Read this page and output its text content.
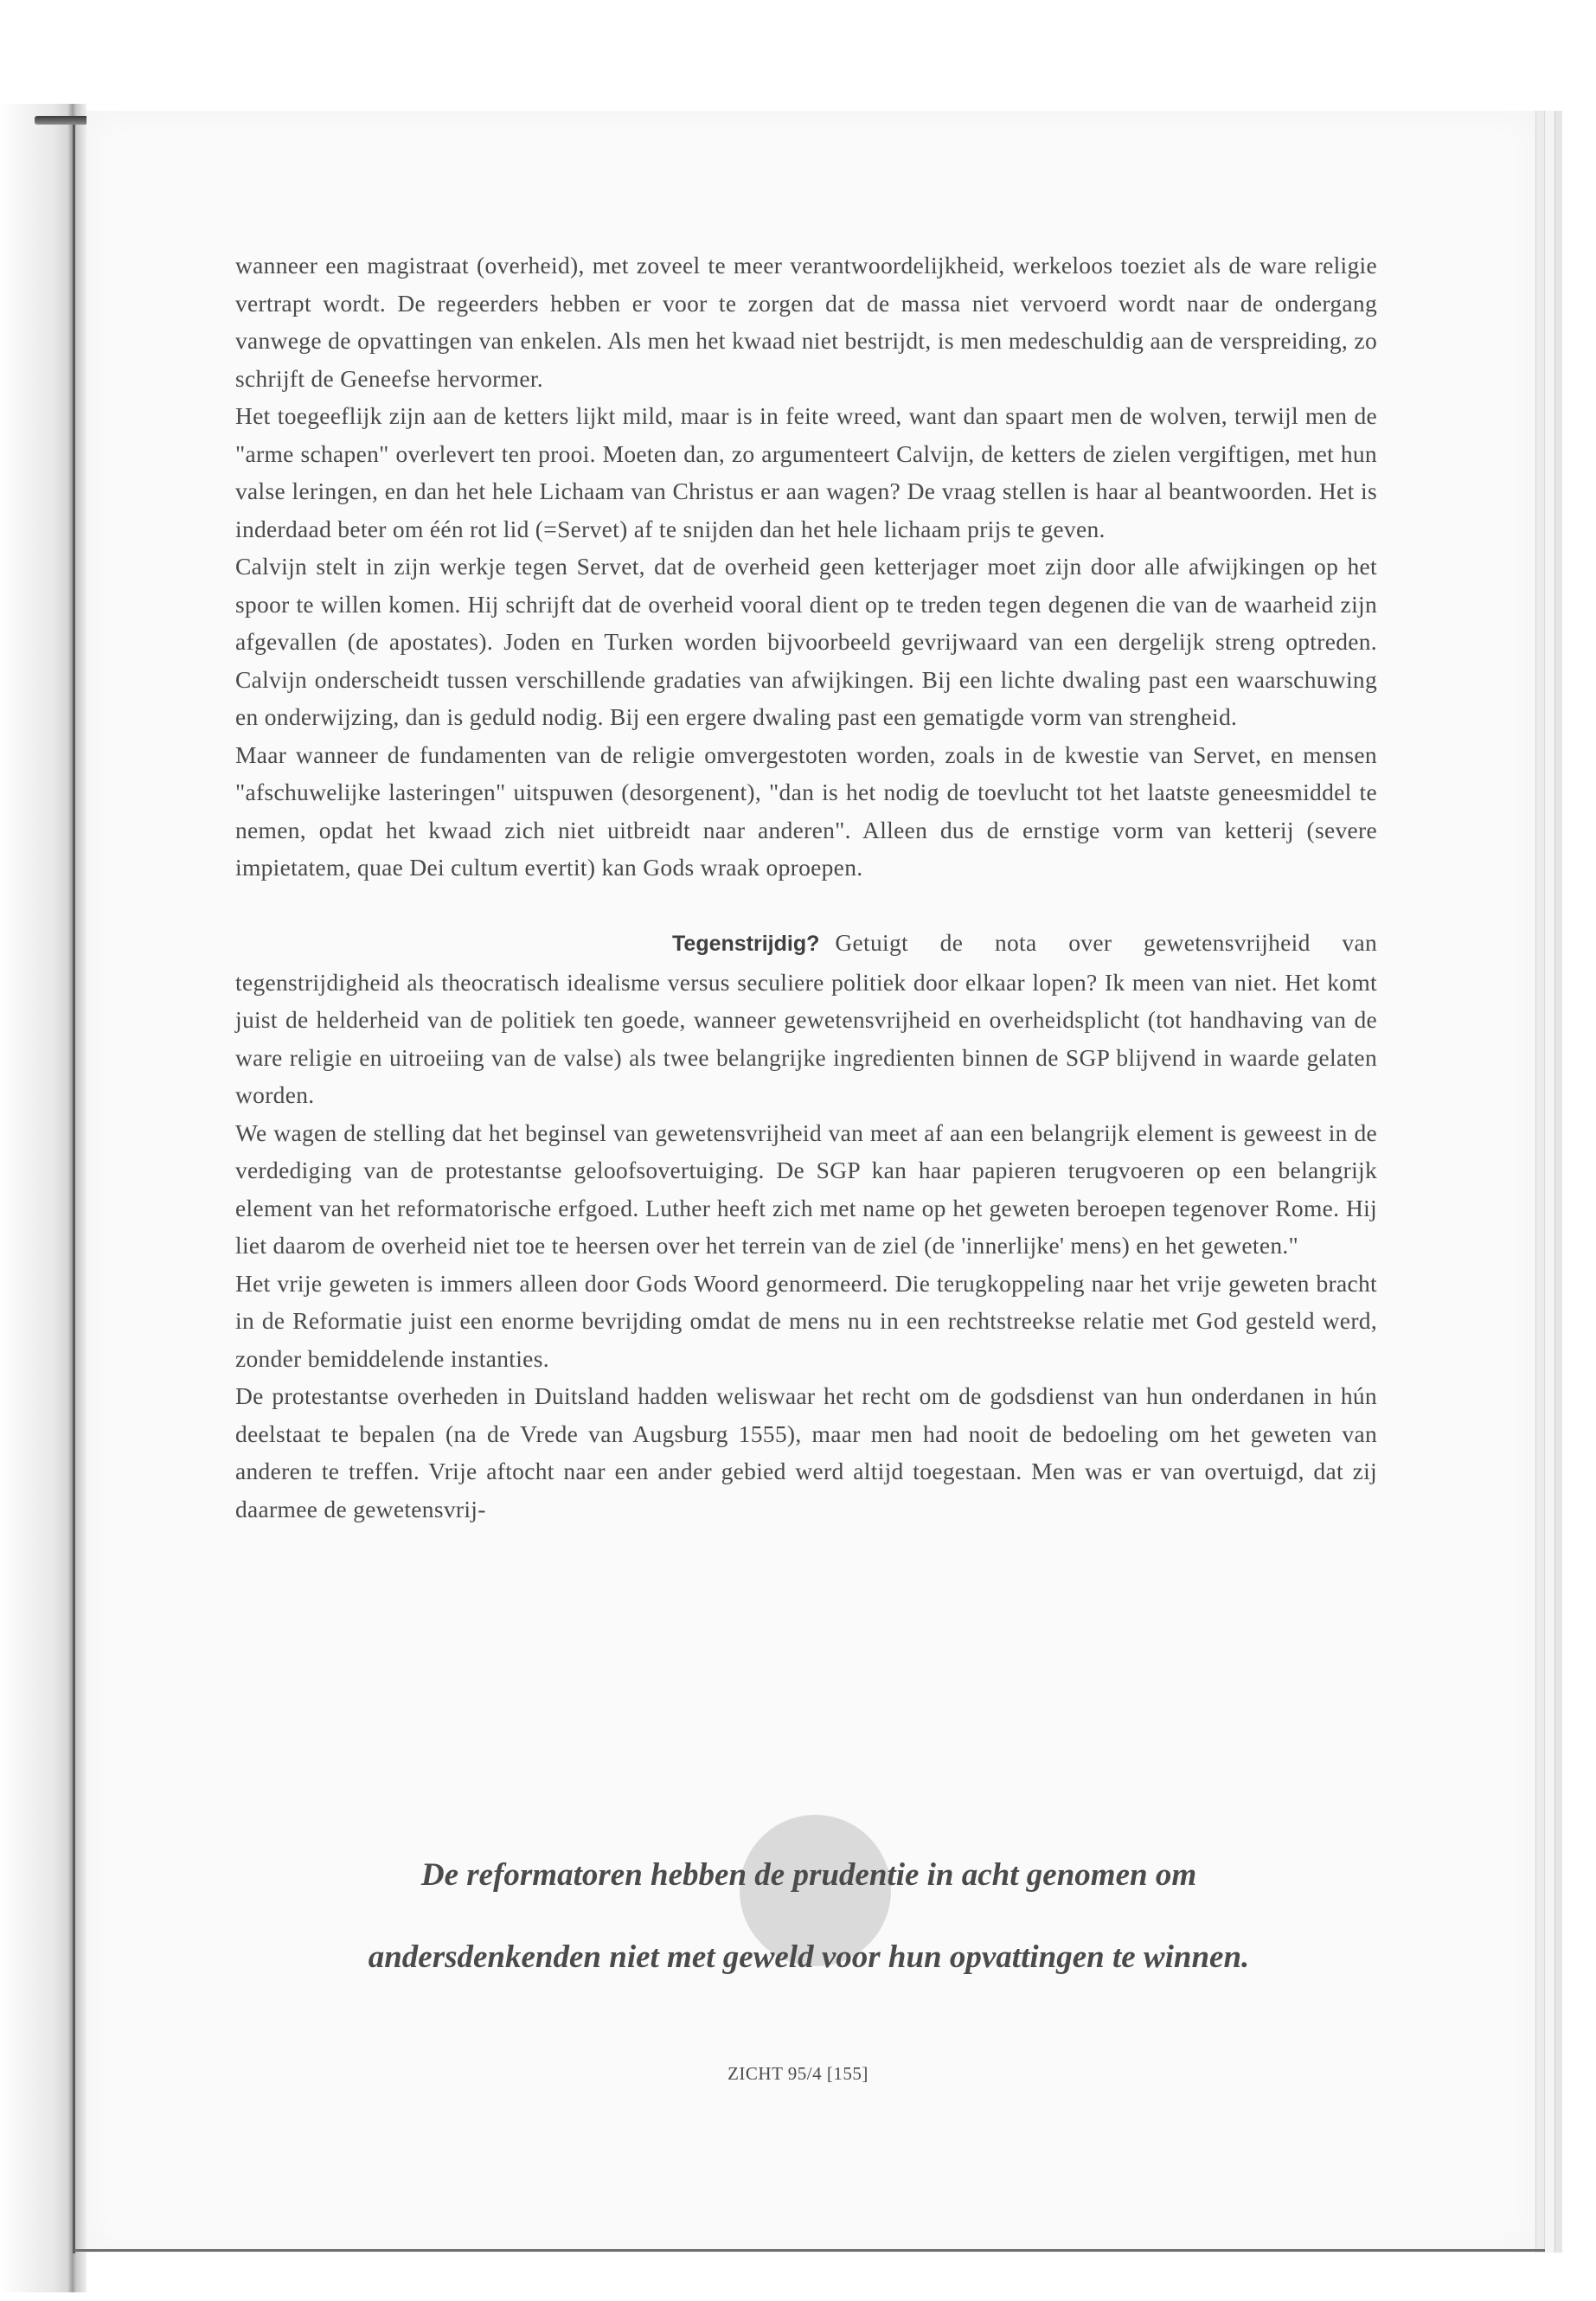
wanneer een magistraat (overheid), met zoveel te meer verantwoordelijkheid, werkeloos toeziet als de ware religie vertrapt wordt. De regeerders hebben er voor te zorgen dat de massa niet vervoerd wordt naar de ondergang vanwege de opvattingen van enkelen. Als men het kwaad niet bestrijdt, is men medeschuldig aan de verspreiding, zo schrijft de Geneefse hervormer.

Het toegeeflijk zijn aan de ketters lijkt mild, maar is in feite wreed, want dan spaart men de wolven, terwijl men de "arme schapen" overlevert ten prooi. Moeten dan, zo argumenteert Calvijn, de ketters de zielen vergiftigen, met hun valse leringen, en dan het hele Lichaam van Christus er aan wagen? De vraag stellen is haar al beantwoorden. Het is inderdaad beter om één rot lid (=Servet) af te snijden dan het hele lichaam prijs te geven.

Calvijn stelt in zijn werkje tegen Servet, dat de overheid geen ketterjager moet zijn door alle afwijkingen op het spoor te willen komen. Hij schrijft dat de overheid vooral dient op te treden tegen degenen die van de waarheid zijn afgevallen (de apostates). Joden en Turken worden bijvoorbeeld gevrijwaard van een dergelijk streng optreden. Calvijn onderscheidt tussen verschillende gradaties van afwijkingen. Bij een lichte dwaling past een waarschuwing en onderwijzing, dan is geduld nodig. Bij een ergere dwaling past een gematigde vorm van strengheid.

Maar wanneer de fundamenten van de religie omvergestoten worden, zoals in de kwestie van Servet, en mensen "afschuwelijke lasteringen" uitspuwen (desorgenent), "dan is het nodig de toevlucht tot het laatste geneesmiddel te nemen, opdat het kwaad zich niet uitbreidt naar anderen". Alleen dus de ernstige vorm van ketterij (severe impietatem, quae Dei cultum evertit) kan Gods wraak oproepen.

Tegenstrijdig? Getuigt de nota over gewetensvrijheid van tegenstrijdigheid als theocratisch idealisme versus seculiere politiek door elkaar lopen? Ik meen van niet. Het komt juist de helderheid van de politiek ten goede, wanneer gewetensvrijheid en overheidsplicht (tot handhaving van de ware religie en uitroeiing van de valse) als twee belangrijke ingredienten binnen de SGP blijvend in waarde gelaten worden.

We wagen de stelling dat het beginsel van gewetensvrijheid van meet af aan een belangrijk element is geweest in de verdediging van de protestantse geloofsovertuiging. De SGP kan haar papieren terugvoeren op een belangrijk element van het reformatorische erfgoed. Luther heeft zich met name op het geweten beroepen tegenover Rome. Hij liet daarom de overheid niet toe te heersen over het terrein van de ziel (de 'innerlijke' mens) en het geweten."

Het vrije geweten is immers alleen door Gods Woord genormeerd. Die terugkoppeling naar het vrije geweten bracht in de Reformatie juist een enorme bevrijding omdat de mens nu in een rechtstreekse relatie met God gesteld werd, zonder bemiddelende instanties.

De protestantse overheden in Duitsland hadden weliswaar het recht om de godsdienst van hun onderdanen in hún deelstaat te bepalen (na de Vrede van Augsburg 1555), maar men had nooit de bedoeling om het geweten van anderen te treffen. Vrije aftocht naar een ander gebied werd altijd toegestaan. Men was er van overtuigd, dat zij daarmee de gewetensvrij-

De reformatoren hebben de prudentie in acht genomen om
andersdenkenden niet met geweld voor hun opvattingen te winnen.
ZICHT 95/4 [155]
